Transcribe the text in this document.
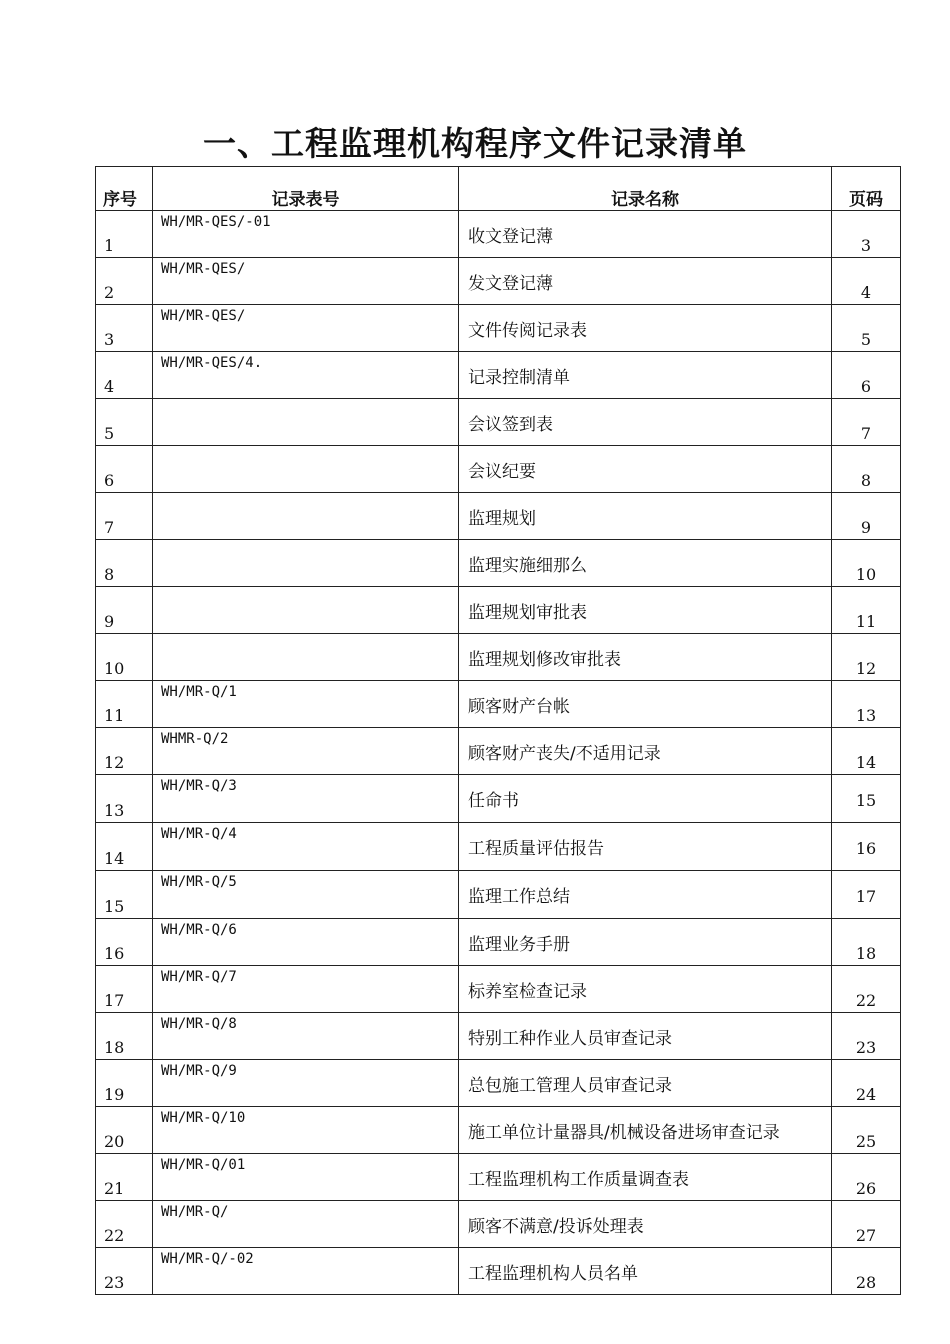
一、工程监理机构程序文件记录清单
序号	记录表号	记录名称	页码
1	WH/MR-QES/-01	收文登记薄	3
2	WH/MR-QES/	发文登记薄	4
3	WH/MR-QES/	文件传阅记录表	5
4	WH/MR-QES/4.	记录控制清单	6
5		会议签到表	7
6		会议纪要	8
7		监理规划	9
8		监理实施细那么	10
9		监理规划审批表	11
10		监理规划修改审批表	12
11	WH/MR-Q/1	顾客财产台帐	13
12	WHMR-Q/2	顾客财产丧失/不适用记录	14
13	WH/MR-Q/3	任命书	15
14	WH/MR-Q/4	工程质量评估报告	16
15	WH/MR-Q/5	监理工作总结	17
16	WH/MR-Q/6	监理业务手册	18
17	WH/MR-Q/7	标养室检查记录	22
18	WH/MR-Q/8	特别工种作业人员审查记录	23
19	WH/MR-Q/9	总包施工管理人员审查记录	24
20	WH/MR-Q/10	施工单位计量器具/机械设备进场审查记录	25
21	WH/MR-Q/01	工程监理机构工作质量调查表	26
22	WH/MR-Q/	顾客不满意/投诉处理表	27
23	WH/MR-Q/-02	工程监理机构人员名单	28
